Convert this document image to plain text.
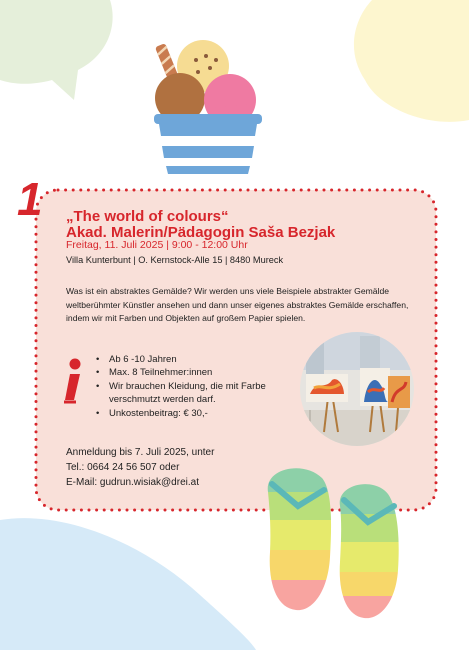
1 „The world of colours“
Akad. Malerin/Pädagogin Saša Bezjak
Freitag, 11. Juli 2025 | 9:00 - 12:00 Uhr
Villa Kunterbunt | O. Kernstock-Alle 15 | 8480 Mureck
Was ist ein abstraktes Gemälde? Wir werden uns viele Beispiele abstrakter Gemälde weltberühmter Künstler ansehen und dann unser eigenes abstraktes Gemälde erschaffen, indem wir mit Farben und Objekten auf großem Papier spielen.
• Ab 6 -10 Jahren
• Max. 8 Teilnehmer:innen
• Wir brauchen Kleidung, die mit Farbe verschmutzt werden darf.
• Unkostenbeitrag: € 30,-
Anmeldung bis 7. Juli 2025, unter
Tel.: 0664 24 56 507 oder
E-Mail: gudrun.wisiak@drei.at
